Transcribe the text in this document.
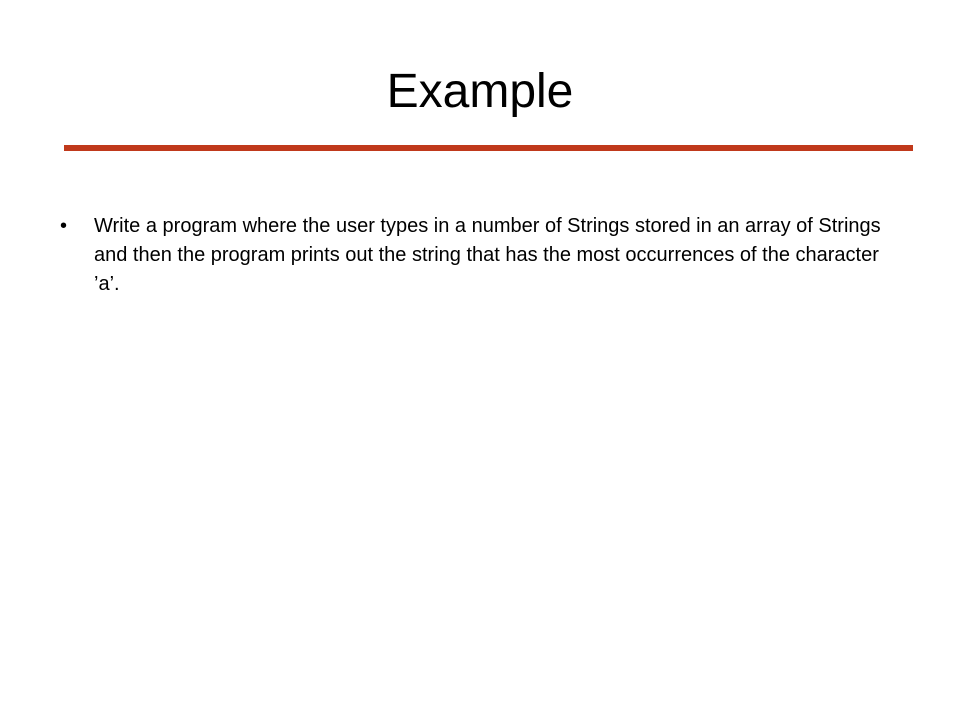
Example
•	Write a program where the user types in a number of Strings stored in an array of Strings and then the program prints out the string that has the most occurrences of the character ’a’.
